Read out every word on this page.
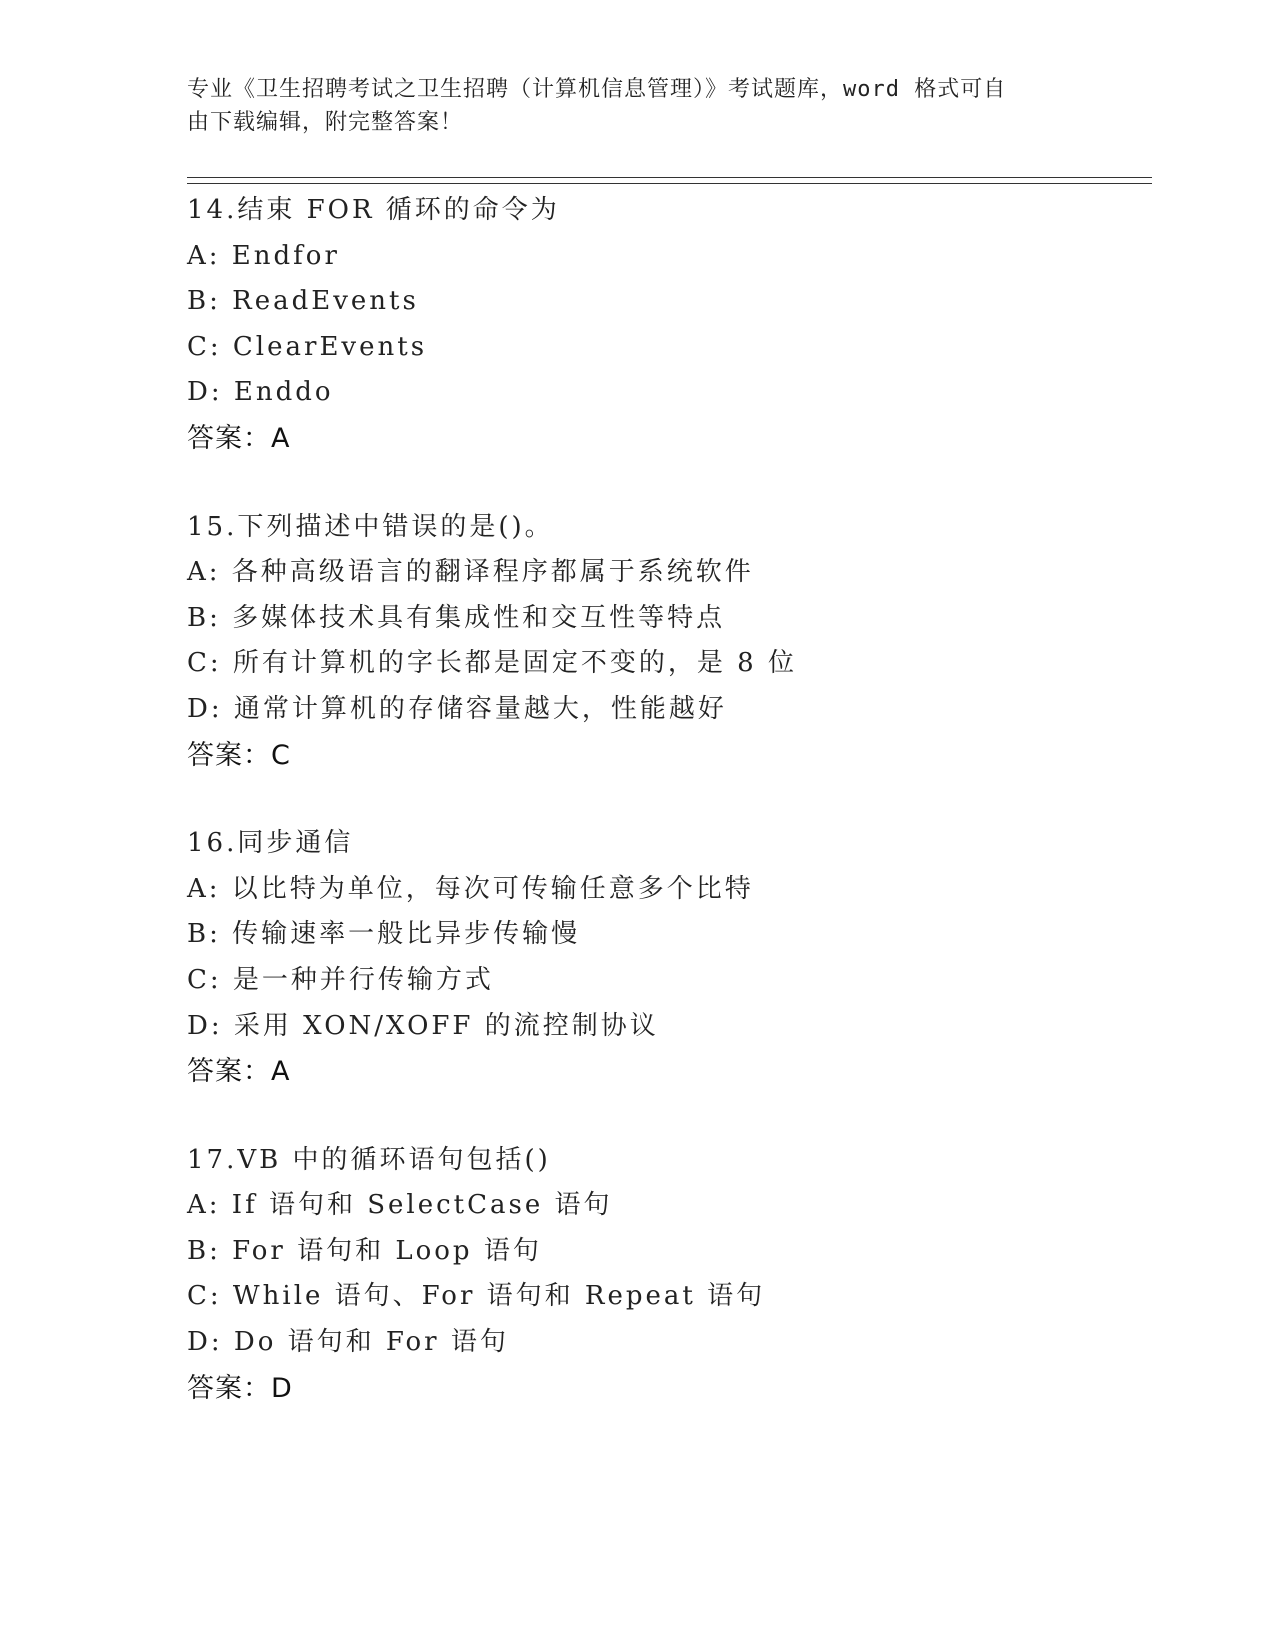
专业《卫生招聘考试之卫生招聘（计算机信息管理）》考试题库，word 格式可自
由下载编辑，附完整答案！
14.结束 FOR 循环的命令为
A: Endfor
B: ReadEvents
C: ClearEvents
D: Enddo
答案：A
15.下列描述中错误的是()。
A: 各种高级语言的翻译程序都属于系统软件
B: 多媒体技术具有集成性和交互性等特点
C: 所有计算机的字长都是固定不变的，是 8 位
D: 通常计算机的存储容量越大，性能越好
答案：C
16.同步通信
A: 以比特为单位，每次可传输任意多个比特
B: 传输速率一般比异步传输慢
C: 是一种并行传输方式
D: 采用 XON/XOFF 的流控制协议
答案：A
17.VB 中的循环语句包括()
A: If 语句和 SelectCase 语句
B: For 语句和 Loop 语句
C: While 语句、For 语句和 Repeat 语句
D: Do 语句和 For 语句
答案：D
